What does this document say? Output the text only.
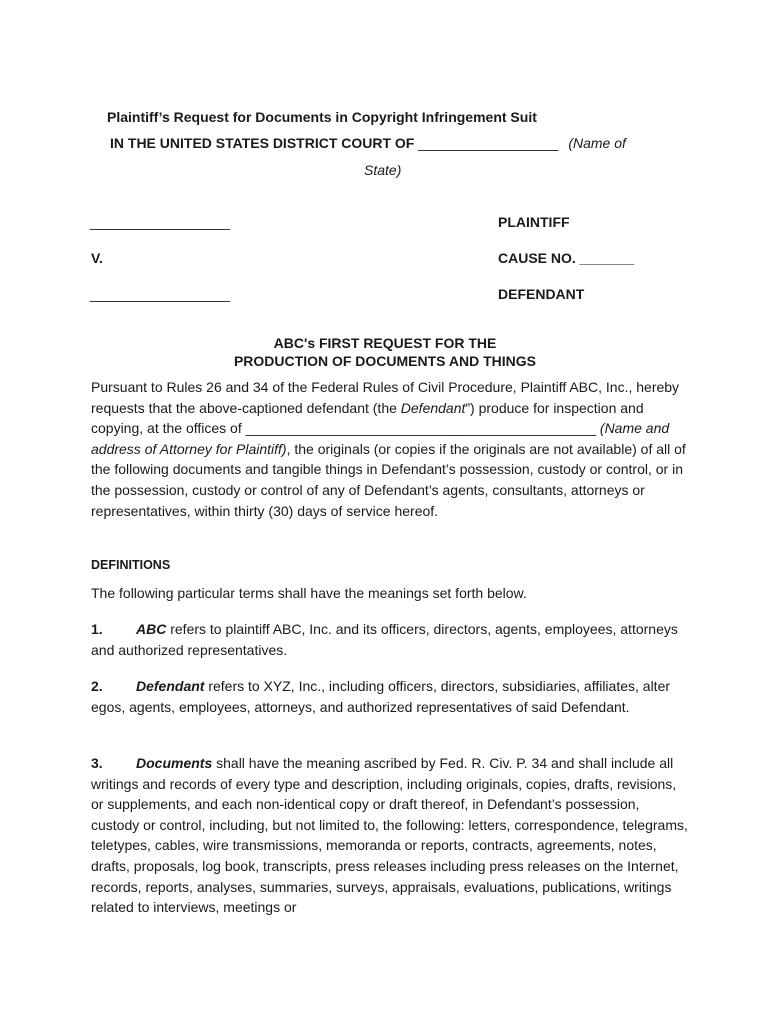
Plaintiff’s Request for Documents in Copyright Infringement Suit
IN THE UNITED STATES DISTRICT COURT OF __________________ (Name of
State)
__________________	PLAINTIFF
V.	CAUSE NO. _______
__________________	DEFENDANT
ABC's FIRST REQUEST FOR THE
PRODUCTION OF DOCUMENTS AND THINGS
Pursuant to Rules 26 and 34 of the Federal Rules of Civil Procedure, Plaintiff ABC, Inc., hereby requests that the above-captioned defendant (the Defendant”) produce for inspection and copying, at the offices of _____________________________________________ (Name and address of Attorney for Plaintiff), the originals (or copies if the originals are not available) of all of the following documents and tangible things in Defendant’s possession, custody or control, or in the possession, custody or control of any of Defendant’s agents, consultants, attorneys or representatives, within thirty (30) days of service hereof.
DEFINITIONS
The following particular terms shall have the meanings set forth below.
1. ABC refers to plaintiff ABC, Inc. and its officers, directors, agents, employees, attorneys and authorized representatives.
2. Defendant refers to XYZ, Inc., including officers, directors, subsidiaries, affiliates, alter egos, agents, employees, attorneys, and authorized representatives of said Defendant.
3. Documents shall have the meaning ascribed by Fed. R. Civ. P. 34 and shall include all writings and records of every type and description, including originals, copies, drafts, revisions, or supplements, and each non-identical copy or draft thereof, in Defendant’s possession, custody or control, including, but not limited to, the following: letters, correspondence, telegrams, teletypes, cables, wire transmissions, memoranda or reports, contracts, agreements, notes, drafts, proposals, log book, transcripts, press releases including press releases on the Internet, records, reports, analyses, summaries, surveys, appraisals, evaluations, publications, writings related to interviews, meetings or
